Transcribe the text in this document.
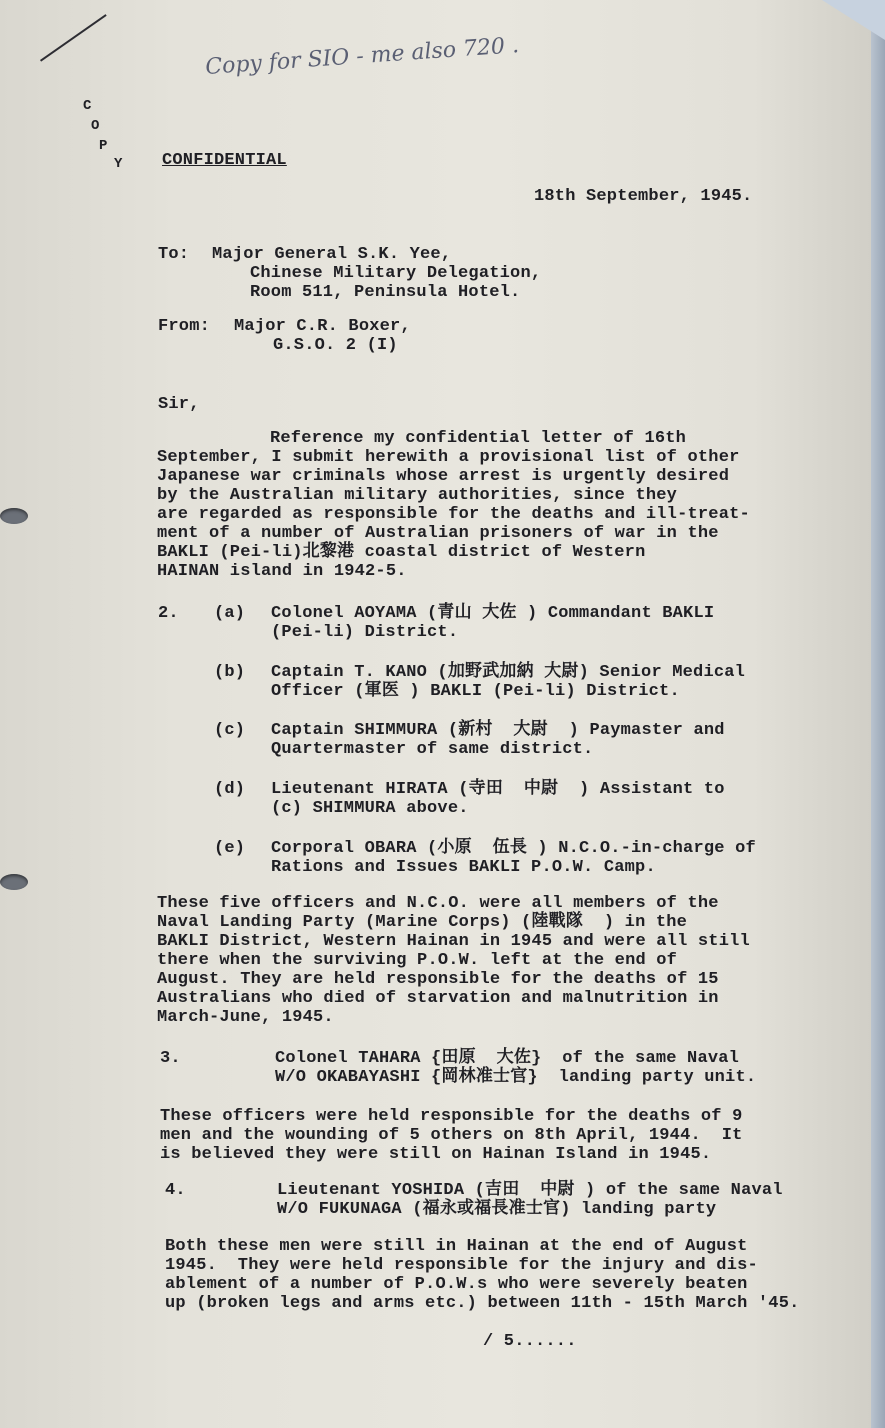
Copy for SIO - me also 720 .
C
O
P
Y CONFIDENTIAL
18th September, 1945.
To: Major General S.K. Yee,
Chinese Military Delegation,
Room 511, Peninsula Hotel.
From: Major C.R. Boxer,
G.S.O. 2 (I)
Sir,
Reference my confidential letter of 16th
September, I submit herewith a provisional list of other
Japanese war criminals whose arrest is urgently desired
by the Australian military authorities, since they
are regarded as responsible for the deaths and ill-treat-
ment of a number of Australian prisoners of war in the
BAKLI (Pei-li)北黎港 coastal district of Western
HAINAN island in 1942-5.
2. (a) Colonel AOYAMA (青山 大佐 ) Commandant BAKLI
(Pei-li) District.
(b) Captain T. KANO (加野武加納 大尉) Senior Medical
Officer (軍医 ) BAKLI (Pei-li) District.
(c) Captain SHIMMURA (新村  大尉  ) Paymaster and
Quartermaster of same district.
(d) Lieutenant HIRATA (寺田  中尉  ) Assistant to
(c) SHIMMURA above.
(e) Corporal OBARA (小原  伍長 ) N.C.O.-in-charge of
Rations and Issues BAKLI P.O.W. Camp.
These five officers and N.C.O. were all members of the
Naval Landing Party (Marine Corps) (陸戰隊  ) in the
BAKLI District, Western Hainan in 1945 and were all still
there when the surviving P.O.W. left at the end of
August. They are held responsible for the deaths of 15
Australians who died of starvation and malnutrition in
March-June, 1945.
3.	Colonel TAHARA {田原  大佐}  of the same Naval
W/O OKABAYASHI {岡林准士官}  landing party unit.
These officers were held responsible for the deaths of 9
men and the wounding of 5 others on 8th April, 1944.  It
is believed they were still on Hainan Island in 1945.
4.	Lieutenant YOSHIDA (吉田  中尉 ) of the same Naval
W/O FUKUNAGA (福永或福長准士官) landing party
Both these men were still in Hainan at the end of August
1945.  They were held responsible for the injury and dis-
ablement of a number of P.O.W.s who were severely beaten
up (broken legs and arms etc.) between 11th - 15th March '45.
/ 5......
